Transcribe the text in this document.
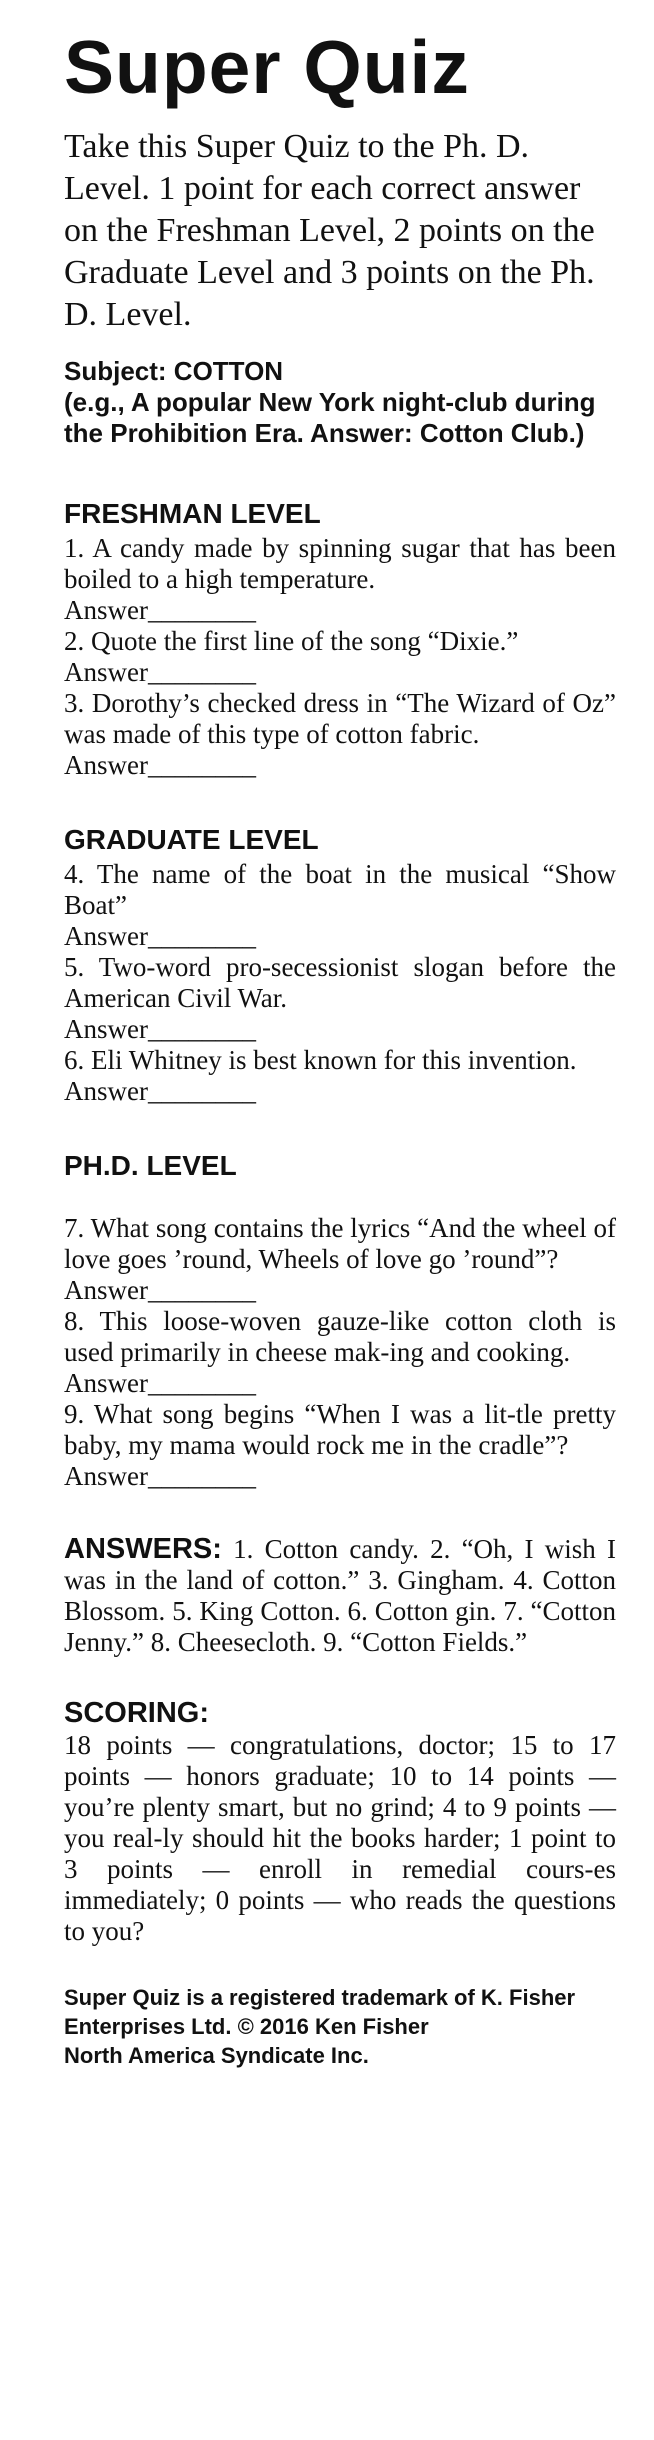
Super Quiz

Take this Super Quiz to the Ph. D. Level. 1 point for each correct answer on the Freshman Level, 2 points on the Graduate Level and 3 points on the Ph. D. Level.

Subject: COTTON

(e.g., A popular New York night-club during the Prohibition Era. Answer: Cotton Club.)

FRESHMAN LEVEL

1. A candy made by spinning sugar that has been boiled to a high temperature.

Answer________

2. Quote the first line of the song “Dixie.”

Answer________

3. Dorothy’s checked dress in “The Wizard of Oz” was made of this type of cotton fabric.

Answer________

GRADUATE LEVEL

4. The name of the boat in the musical “Show Boat”

Answer________

5. Two-word pro-secessionist slogan before the American Civil War.

Answer________

6. Eli Whitney is best known for this invention.

Answer________

PH.D. LEVEL

7. What song contains the lyrics “And the wheel of love goes ’round, Wheels of love go ’round”?

Answer________

8. This loose-woven gauze-like cotton cloth is used primarily in cheese mak-ing and cooking.

Answer________

9. What song begins “When I was a lit-tle pretty baby, my mama would rock me in the cradle”?

Answer________

ANSWERS: 1. Cotton candy. 2. “Oh, I wish I was in the land of cotton.” 3. Gingham. 4. Cotton Blossom. 5. King Cotton. 6. Cotton gin. 7. “Cotton Jenny.” 8. Cheesecloth. 9. “Cotton Fields.”

SCORING:

18 points — congratulations, doctor; 15 to 17 points — honors graduate; 10 to 14 points — you’re plenty smart, but no grind; 4 to 9 points — you real-ly should hit the books harder; 1 point to 3 points — enroll in remedial cours-es immediately; 0 points — who reads the questions to you?

Super Quiz is a registered trademark of K. Fisher Enterprises Ltd. © 2016 Ken Fisher

North America Syndicate Inc.
